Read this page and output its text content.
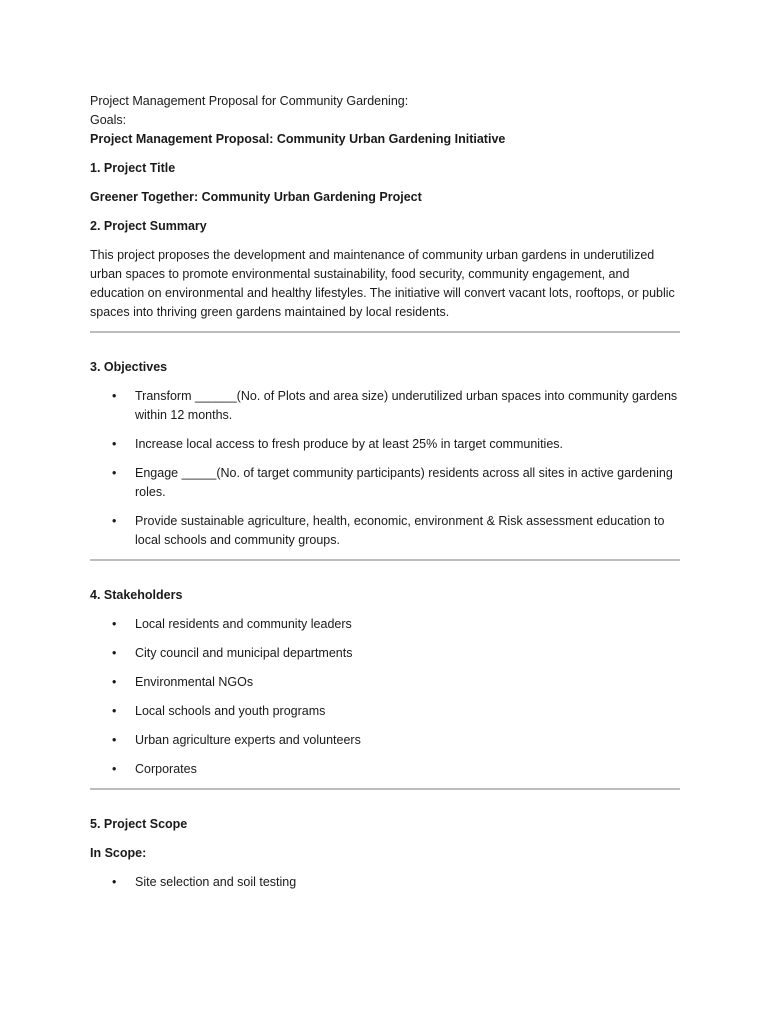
Project Management Proposal for Community Gardening:

Goals:

Project Management Proposal: Community Urban Gardening Initiative

1. Project Title

Greener Together: Community Urban Gardening Project

2. Project Summary

This project proposes the development and maintenance of community urban gardens in underutilized urban spaces to promote environmental sustainability, food security, community engagement, and education on environmental and healthy lifestyles. The initiative will convert vacant lots, rooftops, or public spaces into thriving green gardens maintained by local residents.

3. Objectives

• Transform ______(No. of Plots and area size) underutilized urban spaces into community gardens within 12 months.
• Increase local access to fresh produce by at least 25% in target communities.
• Engage _____(No. of target community participants) residents across all sites in active gardening roles.
• Provide sustainable agriculture, health, economic, environment & Risk assessment education to local schools and community groups.

4. Stakeholders

• Local residents and community leaders
• City council and municipal departments
• Environmental NGOs
• Local schools and youth programs
• Urban agriculture experts and volunteers
• Corporates

5. Project Scope

In Scope:

• Site selection and soil testing
